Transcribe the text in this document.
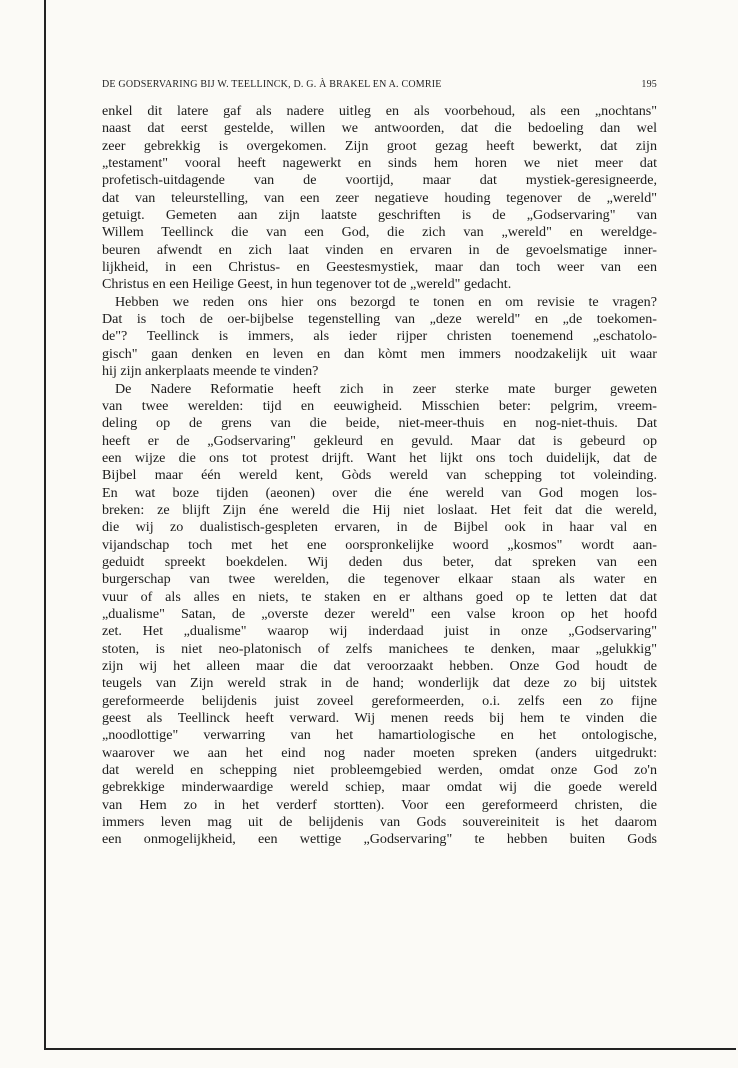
DE GODSERVARING BIJ W. TEELLINCK, D. G. À BRAKEL EN A. COMRIE	195
enkel dit latere gaf als nadere uitleg en als voorbehoud, als een „nochtans"
naast dat eerst gestelde, willen we antwoorden, dat die bedoeling dan wel
zeer gebrekkig is overgekomen. Zijn groot gezag heeft bewerkt, dat zijn
„testament" vooral heeft nagewerkt en sinds hem horen we niet meer dat
profetisch-uitdagende van de voortijd, maar dat mystiek-geresigneerde,
dat van teleurstelling, van een zeer negatieve houding tegenover de „wereld"
getuigt. Gemeten aan zijn laatste geschriften is de „Godservaring" van
Willem Teellinck die van een God, die zich van „wereld" en wereldge-
beuren afwendt en zich laat vinden en ervaren in de gevoelsmatige inner-
lijkheid, in een Christus- en Geestesmystiek, maar dan toch weer van een
Christus en een Heilige Geest, in hun tegenover tot de „wereld" gedacht.
Hebben we reden ons hier ons bezorgd te tonen en om revisie te vragen?
Dat is toch de oer-bijbelse tegenstelling van „deze wereld" en „de toekomen-
de"? Teellinck is immers, als ieder rijper christen toenemend „eschatolo-
gisch" gaan denken en leven en dan kòmt men immers noodzakelijk uit waar
hij zijn ankerplaats meende te vinden?
De Nadere Reformatie heeft zich in zeer sterke mate burger geweten
van twee werelden: tijd en eeuwigheid. Misschien beter: pelgrim, vreem-
deling op de grens van die beide, niet-meer-thuis en nog-niet-thuis. Dat
heeft er de „Godservaring" gekleurd en gevuld. Maar dat is gebeurd op
een wijze die ons tot protest drijft. Want het lijkt ons toch duidelijk, dat de
Bijbel maar één wereld kent, Gòds wereld van schepping tot voleinding.
En wat boze tijden (aeonen) over die éne wereld van God mogen los-
breken: ze blijft Zijn éne wereld die Hij niet loslaat. Het feit dat die wereld,
die wij zo dualistisch-gespleten ervaren, in de Bijbel ook in haar val en
vijandschap toch met het ene oorspronkelijke woord „kosmos" wordt aan-
geduidt spreekt boekdelen. Wij deden dus beter, dat spreken van een
burgerschap van twee werelden, die tegenover elkaar staan als water en
vuur of als alles en niets, te staken en er althans goed op te letten dat dat
„dualisme" Satan, de „overste dezer wereld" een valse kroon op het hoofd
zet. Het „dualisme" waarop wij inderdaad juist in onze „Godservaring"
stoten, is niet neo-platonisch of zelfs manichees te denken, maar „gelukkig"
zijn wij het alleen maar die dat veroorzaakt hebben. Onze God houdt de
teugels van Zijn wereld strak in de hand; wonderlijk dat deze zo bij uitstek
gereformeerde belijdenis juist zoveel gereformeerden, o.i. zelfs een zo fijne
geest als Teellinck heeft verward. Wij menen reeds bij hem te vinden die
„noodlottige" verwarring van het hamartiologische en het ontologische,
waarover we aan het eind nog nader moeten spreken (anders uitgedrukt:
dat wereld en schepping niet probleemgebied werden, omdat onze God zo'n
gebrekkige minderwaardige wereld schiep, maar omdat wij die goede wereld
van Hem zo in het verderf stortten). Voor een gereformeerd christen, die
immers leven mag uit de belijdenis van Gods souvereiniteit is het daarom
een onmogelijkheid, een wettige „Godservaring" te hebben buiten Gods
